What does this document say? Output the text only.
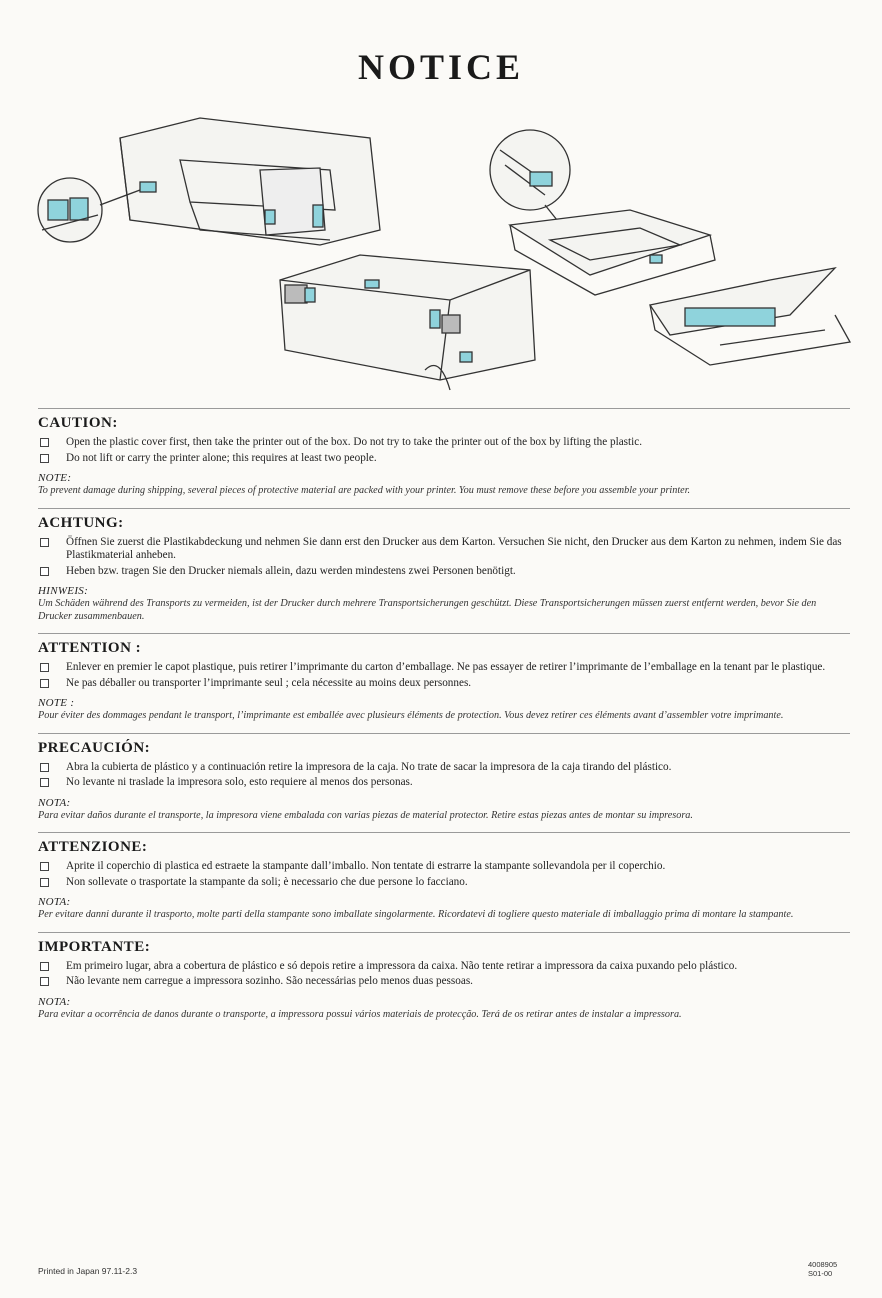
NOTICE
CAUTION:
Open the plastic cover first, then take the printer out of the box. Do not try to take the printer out of the box by lifting the plastic.
Do not lift or carry the printer alone; this requires at least two people.
NOTE:
To prevent damage during shipping, several pieces of protective material are packed with your printer. You must remove these before you assemble your printer.
ACHTUNG:
Öffnen Sie zuerst die Plastikabdeckung und nehmen Sie dann erst den Drucker aus dem Karton. Versuchen Sie nicht, den Drucker aus dem Karton zu nehmen, indem Sie das Plastikmaterial anheben.
Heben bzw. tragen Sie den Drucker niemals allein, dazu werden mindestens zwei Personen benötigt.
HINWEIS:
Um Schäden während des Transports zu vermeiden, ist der Drucker durch mehrere Transportsicherungen geschützt. Diese Transportsicherungen müssen zuerst entfernt werden, bevor Sie den Drucker zusammenbauen.
ATTENTION :
Enlever en premier le capot plastique, puis retirer l’imprimante du carton d’emballage. Ne pas essayer de retirer l’imprimante de l’emballage en la tenant par le plastique.
Ne pas déballer ou transporter l’imprimante seul ; cela nécessite au moins deux personnes.
NOTE :
Pour éviter des dommages pendant le transport, l’imprimante est emballée avec plusieurs éléments de protection. Vous devez retirer ces éléments avant d’assembler votre imprimante.
PRECAUCIÓN:
Abra la cubierta de plástico y a continuación retire la impresora de la caja. No trate de sacar la impresora de la caja tirando del plástico.
No levante ni traslade la impresora solo, esto requiere al menos dos personas.
NOTA:
Para evitar daños durante el transporte, la impresora viene embalada con varias piezas de material protector. Retire estas piezas antes de montar su impresora.
ATTENZIONE:
Aprite il coperchio di plastica ed estraete la stampante dall’imballo. Non tentate di estrarre la stampante sollevandola per il coperchio.
Non sollevate o trasportate la stampante da soli; è necessario che due persone lo facciano.
NOTA:
Per evitare danni durante il trasporto, molte parti della stampante sono imballate singolarmente. Ricordatevi di togliere questo materiale di imballaggio prima di montare la stampante.
IMPORTANTE:
Em primeiro lugar, abra a cobertura de plástico e só depois retire a impressora da caixa. Não tente retirar a impressora da caixa puxando pelo plástico.
Não levante nem carregue a impressora sozinho. São necessárias pelo menos duas pessoas.
NOTA:
Para evitar a ocorrência de danos durante o transporte, a impressora possui vários materiais de protecção. Terá de os retirar antes de instalar a impressora.
Printed in Japan 97.11-2.3
4008905
S01-00
